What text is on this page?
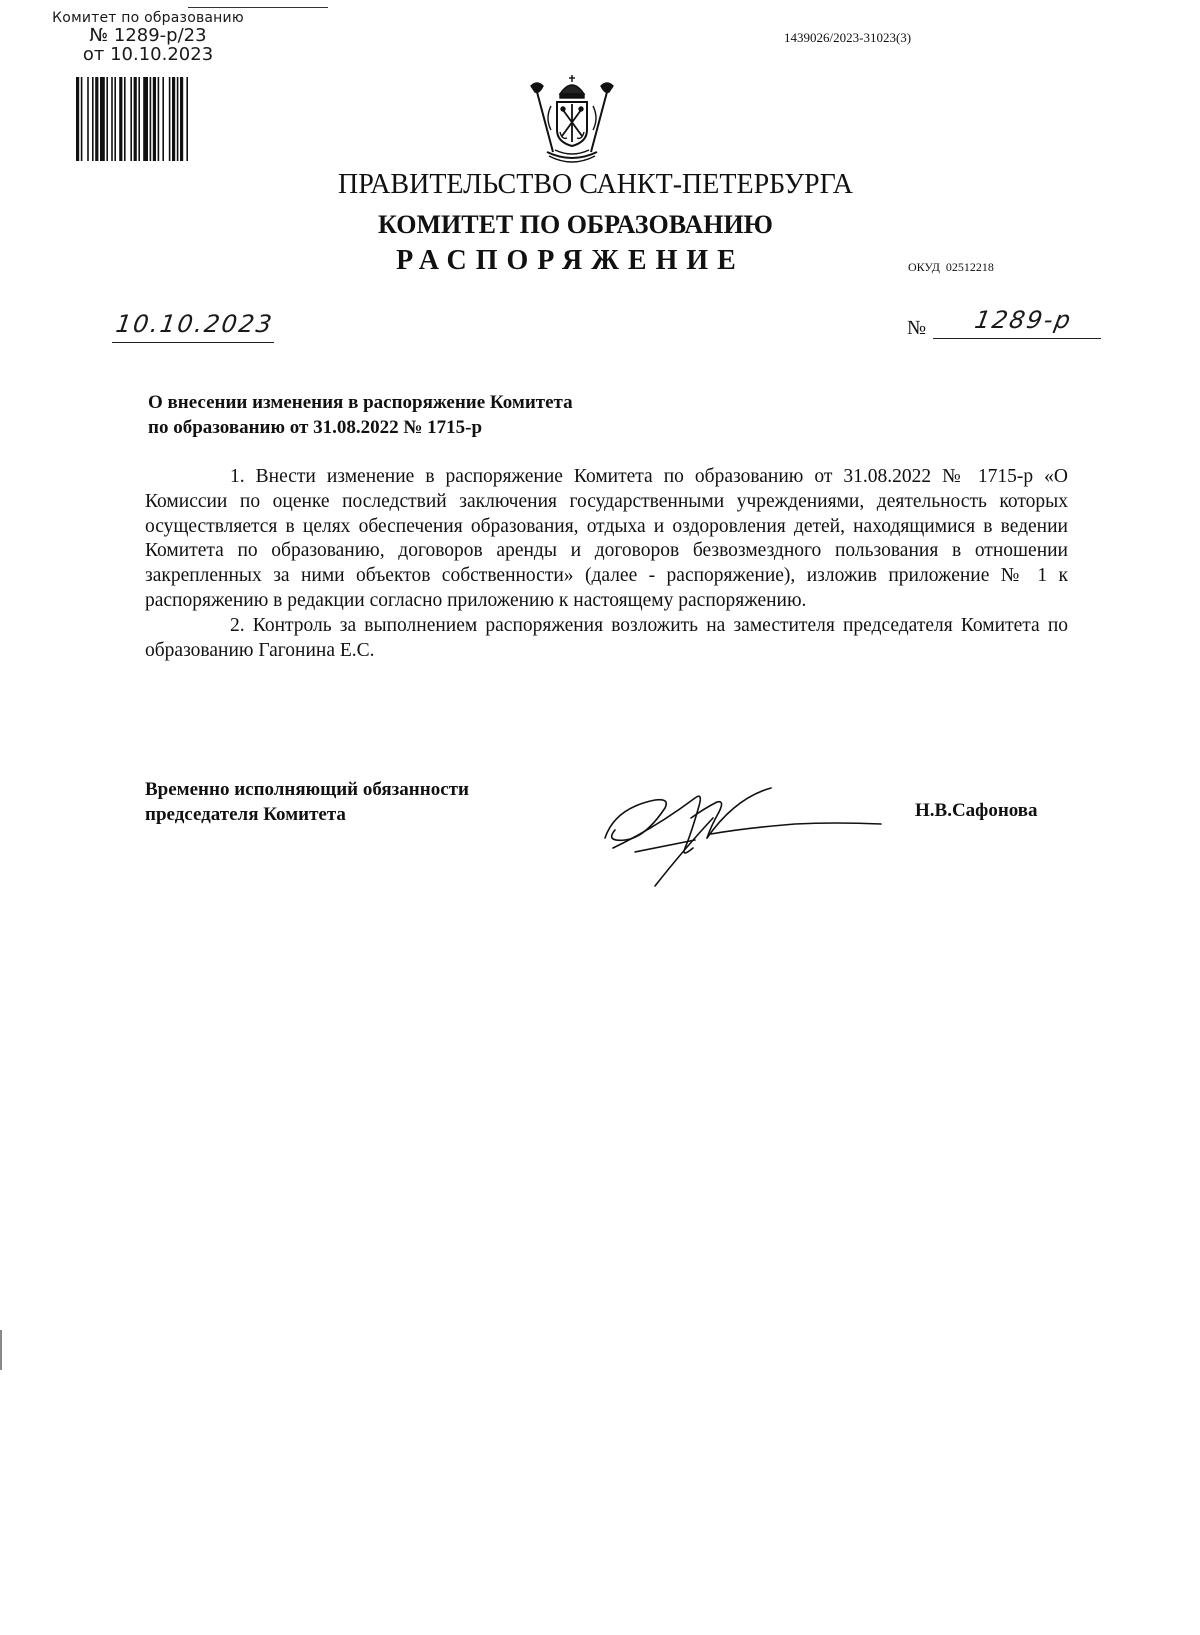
Комитет по образованию
№ 1289-р/23
от 10.10.2023
1439026/2023-31023(3)
ПРАВИТЕЛЬСТВО САНКТ-ПЕТЕРБУРГА
КОМИТЕТ ПО ОБРАЗОВАНИЮ
РАСПОРЯЖЕНИЕ	ОКУД 02512218
10.10.2023	№ 1289-р
О внесении изменения в распоряжение Комитета
по образованию от 31.08.2022 № 1715-р

1. Внести изменение в распоряжение Комитета по образованию от 31.08.2022 № 1715-р «О Комиссии по оценке последствий заключения государственными учреждениями, деятельность которых осуществляется в целях обеспечения образования, отдыха и оздоровления детей, находящимися в ведении Комитета по образованию, договоров аренды и договоров безвозмездного пользования в отношении закрепленных за ними объектов собственности» (далее - распоряжение), изложив приложение № 1 к распоряжению в редакции согласно приложению к настоящему распоряжению.

2. Контроль за выполнением распоряжения возложить на заместителя председателя Комитета по образованию Гагонина Е.С.

Временно исполняющий обязанности
председателя Комитета	Н.В.Сафонова
